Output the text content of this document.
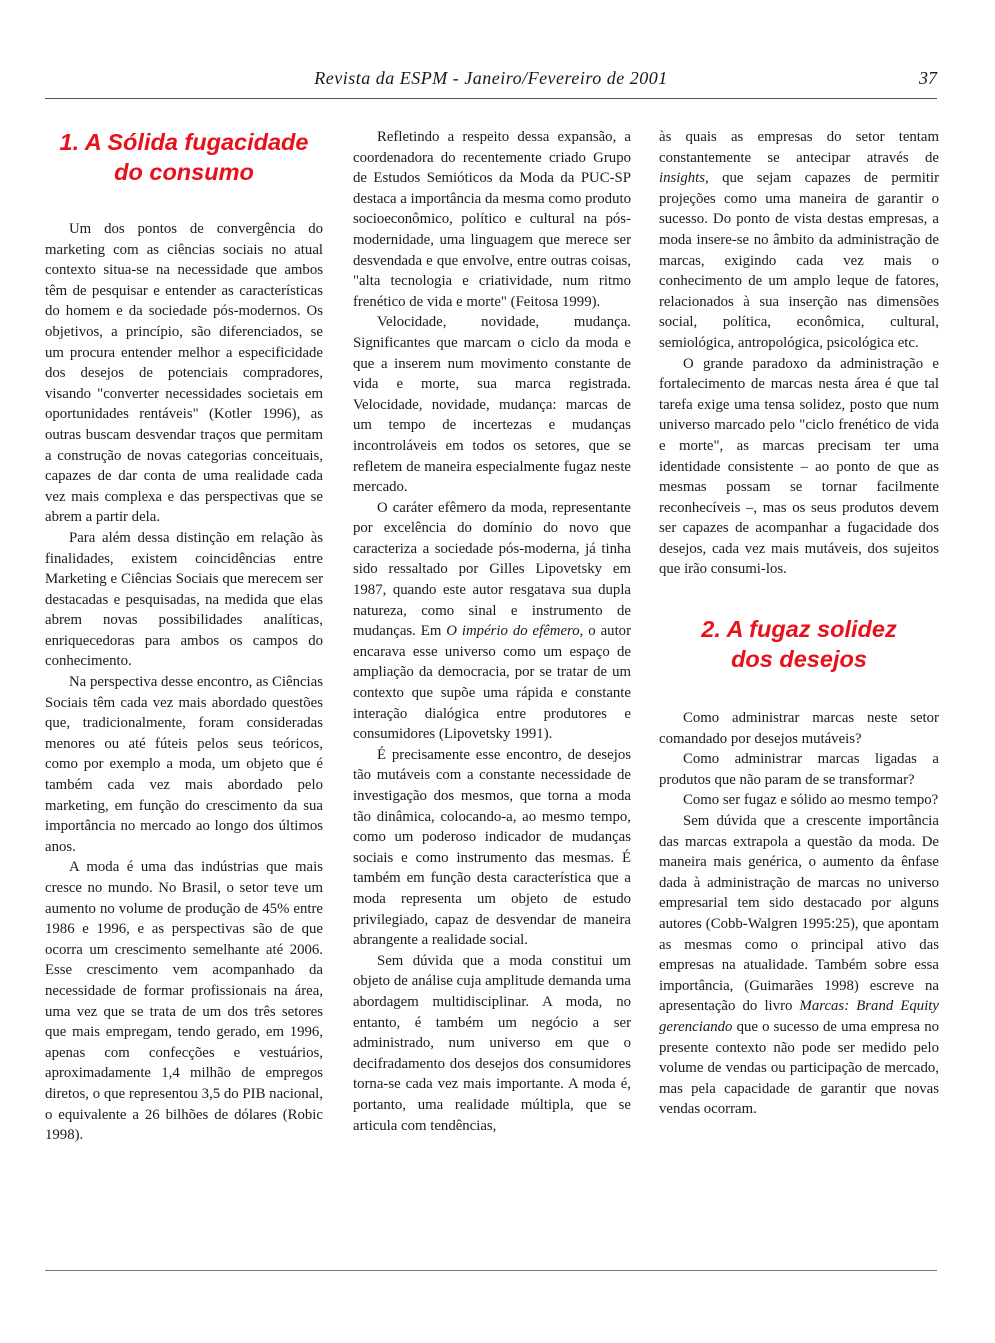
Revista da ESPM - Janeiro/Fevereiro de 2001	37
1. A Sólida fugacidade
do consumo

Um dos pontos de convergência do marketing com as ciências sociais no atual contexto situa-se na necessidade que ambos têm de pesquisar e entender as características do homem e da sociedade pós-modernos. Os objetivos, a princípio, são diferenciados, se um procura entender melhor a especificidade dos desejos de potenciais compradores, visando "converter necessidades societais em oportunidades rentáveis" (Kotler 1996), as outras buscam desvendar traços que permitam a construção de novas categorias conceituais, capazes de dar conta de uma realidade cada vez mais complexa e das perspectivas que se abrem a partir dela.

Para além dessa distinção em relação às finalidades, existem coincidências entre Marketing e Ciências Sociais que merecem ser destacadas e pesquisadas, na medida que elas abrem novas possibilidades analíticas, enriquecedoras para ambos os campos do conhecimento.

Na perspectiva desse encontro, as Ciências Sociais têm cada vez mais abordado questões que, tradicionalmente, foram consideradas menores ou até fúteis pelos seus teóricos, como por exemplo a moda, um objeto que é também cada vez mais abordado pelo marketing, em função do crescimento da sua importância no mercado ao longo dos últimos anos.

A moda é uma das indústrias que mais cresce no mundo. No Brasil, o setor teve um aumento no volume de produção de 45% entre 1986 e 1996, e as perspectivas são de que ocorra um crescimento semelhante até 2006. Esse crescimento vem acompanhado da necessidade de formar profissionais na área, uma vez que se trata de um dos três setores que mais empregam, tendo gerado, em 1996, apenas com confecções e vestuários, aproximadamente 1,4 milhão de empregos diretos, o que representou 3,5 do PIB nacional, o equivalente a 26 bilhões de dólares (Robic 1998).

Refletindo a respeito dessa expansão, a coordenadora do recentemente criado Grupo de Estudos Semióticos da Moda da PUC-SP destaca a importância da mesma como produto socioeconômico, político e cultural na pós-modernidade, uma linguagem que merece ser desvendada e que envolve, entre outras coisas, "alta tecnologia e criatividade, num ritmo frenético de vida e morte" (Feitosa 1999).

Velocidade, novidade, mudança. Significantes que marcam o ciclo da moda e que a inserem num movimento constante de vida e morte, sua marca registrada. Velocidade, novidade, mudança: marcas de um tempo de incertezas e mudanças incontroláveis em todos os setores, que se refletem de maneira especialmente fugaz neste mercado.

O caráter efêmero da moda, representante por excelência do domínio do novo que caracteriza a sociedade pós-moderna, já tinha sido ressaltado por Gilles Lipovetsky em 1987, quando este autor resgatava sua dupla natureza, como sinal e instrumento de mudanças. Em O império do efêmero, o autor encarava esse universo como um espaço de ampliação da democracia, por se tratar de um contexto que supõe uma rápida e constante interação dialógica entre produtores e consumidores (Lipovetsky 1991).

É precisamente esse encontro, de desejos tão mutáveis com a constante necessidade de investigação dos mesmos, que torna a moda tão dinâmica, colocando-a, ao mesmo tempo, como um poderoso indicador de mudanças sociais e como instrumento das mesmas. É também em função desta característica que a moda representa um objeto de estudo privilegiado, capaz de desvendar de maneira abrangente a realidade social.

Sem dúvida que a moda constitui um objeto de análise cuja amplitude demanda uma abordagem multidisciplinar. A moda, no entanto, é também um negócio a ser administrado, num universo em que o decifradamento dos desejos dos consumidores torna-se cada vez mais importante. A moda é, portanto, uma realidade múltipla, que se articula com tendências,

às quais as empresas do setor tentam constantemente se antecipar através de insights, que sejam capazes de permitir projeções como uma maneira de garantir o sucesso. Do ponto de vista destas empresas, a moda insere-se no âmbito da administração de marcas, exigindo cada vez mais o conhecimento de um amplo leque de fatores, relacionados à sua inserção nas dimensões social, política, econômica, cultural, semiológica, antropológica, psicológica etc.

O grande paradoxo da administração e fortalecimento de marcas nesta área é que tal tarefa exige uma tensa solidez, posto que num universo marcado pelo "ciclo frenético de vida e morte", as marcas precisam ter uma identidade consistente – ao ponto de que as mesmas possam se tornar facilmente reconhecíveis –, mas os seus produtos devem ser capazes de acompanhar a fugacidade dos desejos, cada vez mais mutáveis, dos sujeitos que irão consumi-los.

2. A fugaz solidez
dos desejos

Como administrar marcas neste setor comandado por desejos mutáveis?

Como administrar marcas ligadas a produtos que não param de se transformar?

Como ser fugaz e sólido ao mesmo tempo?

Sem dúvida que a crescente importância das marcas extrapola a questão da moda. De maneira mais genérica, o aumento da ênfase dada à administração de marcas no universo empresarial tem sido destacado por alguns autores (Cobb-Walgren 1995:25), que apontam as mesmas como o principal ativo das empresas na atualidade. Também sobre essa importância, (Guimarães 1998) escreve na apresentação do livro Marcas: Brand Equity gerenciando que o sucesso de uma empresa no presente contexto não pode ser medido pelo volume de vendas ou participação de mercado, mas pela capacidade de garantir que novas vendas ocorram.
